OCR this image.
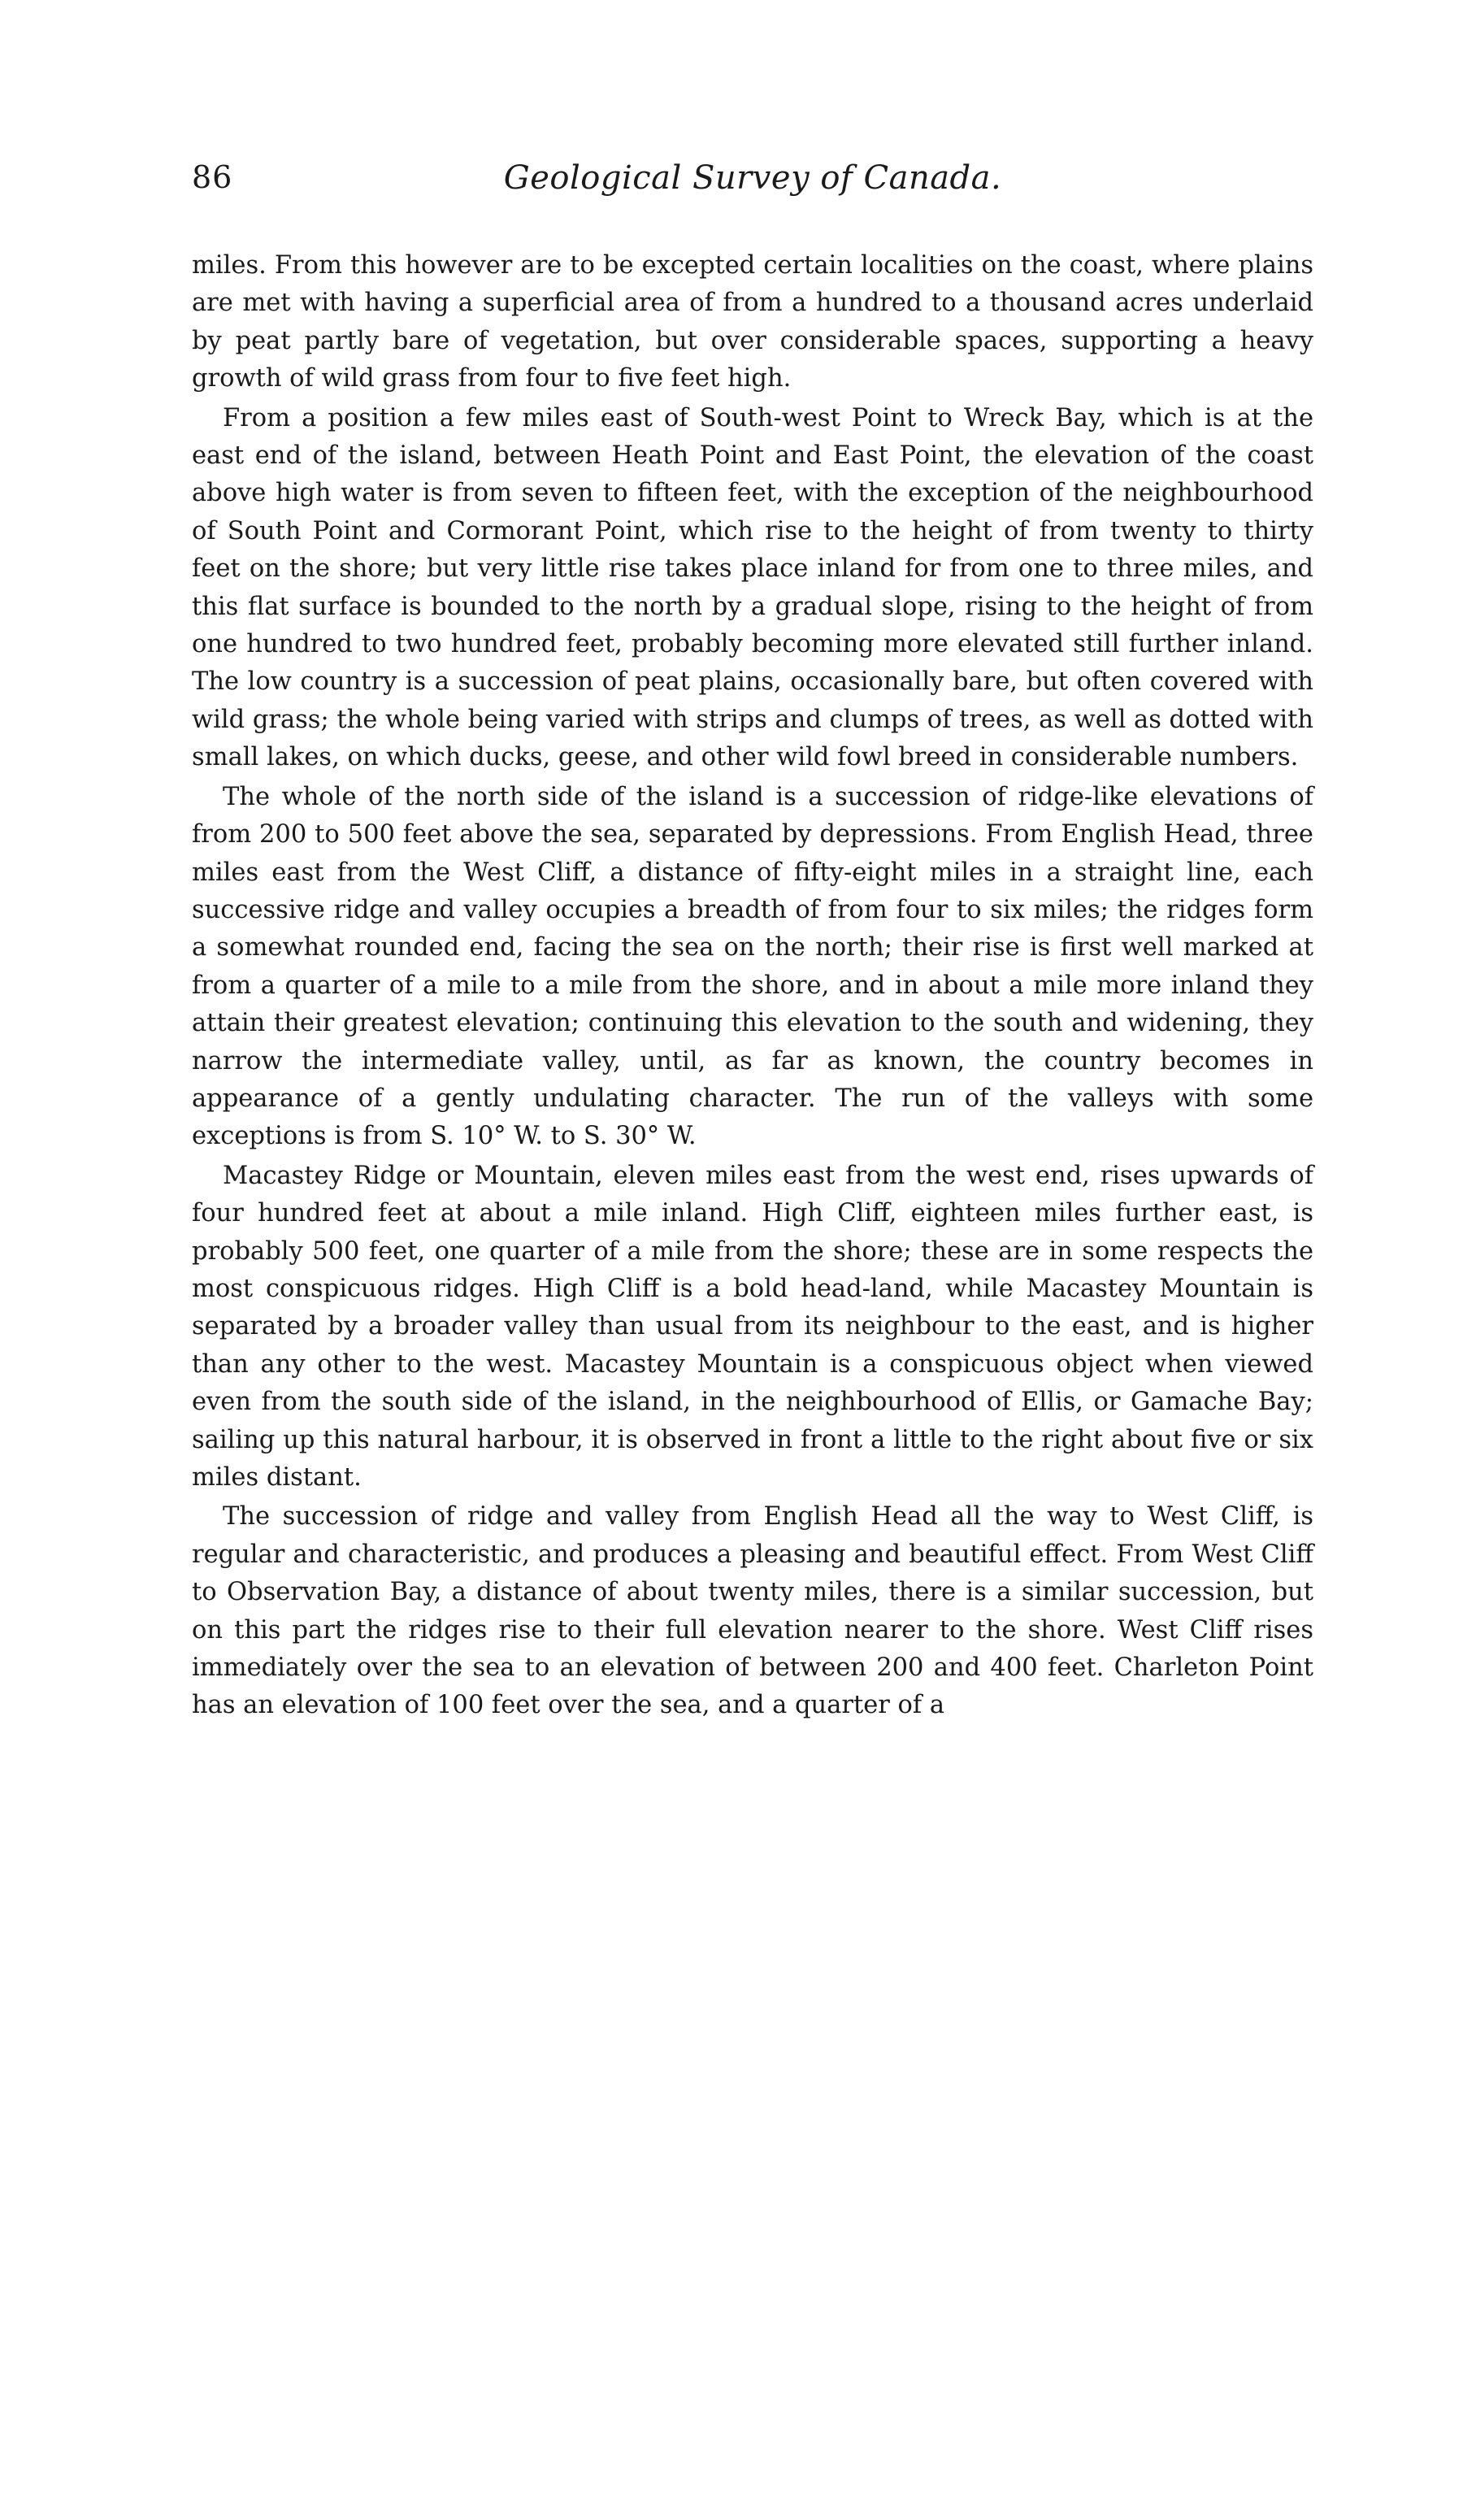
86	Geological Survey of Canada.

miles. From this however are to be excepted certain localities on the coast, where plains are met with having a superficial area of from a hundred to a thousand acres underlaid by peat partly bare of vegetation, but over considerable spaces, supporting a heavy growth of wild grass from four to five feet high.

From a position a few miles east of South-west Point to Wreck Bay, which is at the east end of the island, between Heath Point and East Point, the elevation of the coast above high water is from seven to fifteen feet, with the exception of the neighbourhood of South Point and Cormorant Point, which rise to the height of from twenty to thirty feet on the shore; but very little rise takes place inland for from one to three miles, and this flat surface is bounded to the north by a gradual slope, rising to the height of from one hundred to two hundred feet, probably becoming more elevated still further inland. The low country is a succession of peat plains, occasionally bare, but often covered with wild grass; the whole being varied with strips and clumps of trees, as well as dotted with small lakes, on which ducks, geese, and other wild fowl breed in considerable numbers.

The whole of the north side of the island is a succession of ridge-like elevations of from 200 to 500 feet above the sea, separated by depressions. From English Head, three miles east from the West Cliff, a distance of fifty-eight miles in a straight line, each successive ridge and valley occupies a breadth of from four to six miles; the ridges form a somewhat rounded end, facing the sea on the north; their rise is first well marked at from a quarter of a mile to a mile from the shore, and in about a mile more inland they attain their greatest elevation; continuing this elevation to the south and widening, they narrow the intermediate valley, until, as far as known, the country becomes in appearance of a gently undulating character. The run of the valleys with some exceptions is from S. 10° W. to S. 30° W.

Macastey Ridge or Mountain, eleven miles east from the west end, rises upwards of four hundred feet at about a mile inland. High Cliff, eighteen miles further east, is probably 500 feet, one quarter of a mile from the shore; these are in some respects the most conspicuous ridges. High Cliff is a bold head-land, while Macastey Mountain is separated by a broader valley than usual from its neighbour to the east, and is higher than any other to the west. Macastey Mountain is a conspicuous object when viewed even from the south side of the island, in the neighbourhood of Ellis, or Gamache Bay; sailing up this natural harbour, it is observed in front a little to the right about five or six miles distant.

The succession of ridge and valley from English Head all the way to West Cliff, is regular and characteristic, and produces a pleasing and beautiful effect. From West Cliff to Observation Bay, a distance of about twenty miles, there is a similar succession, but on this part the ridges rise to their full elevation nearer to the shore. West Cliff rises immediately over the sea to an elevation of between 200 and 400 feet. Charleton Point has an elevation of 100 feet over the sea, and a quarter of a
